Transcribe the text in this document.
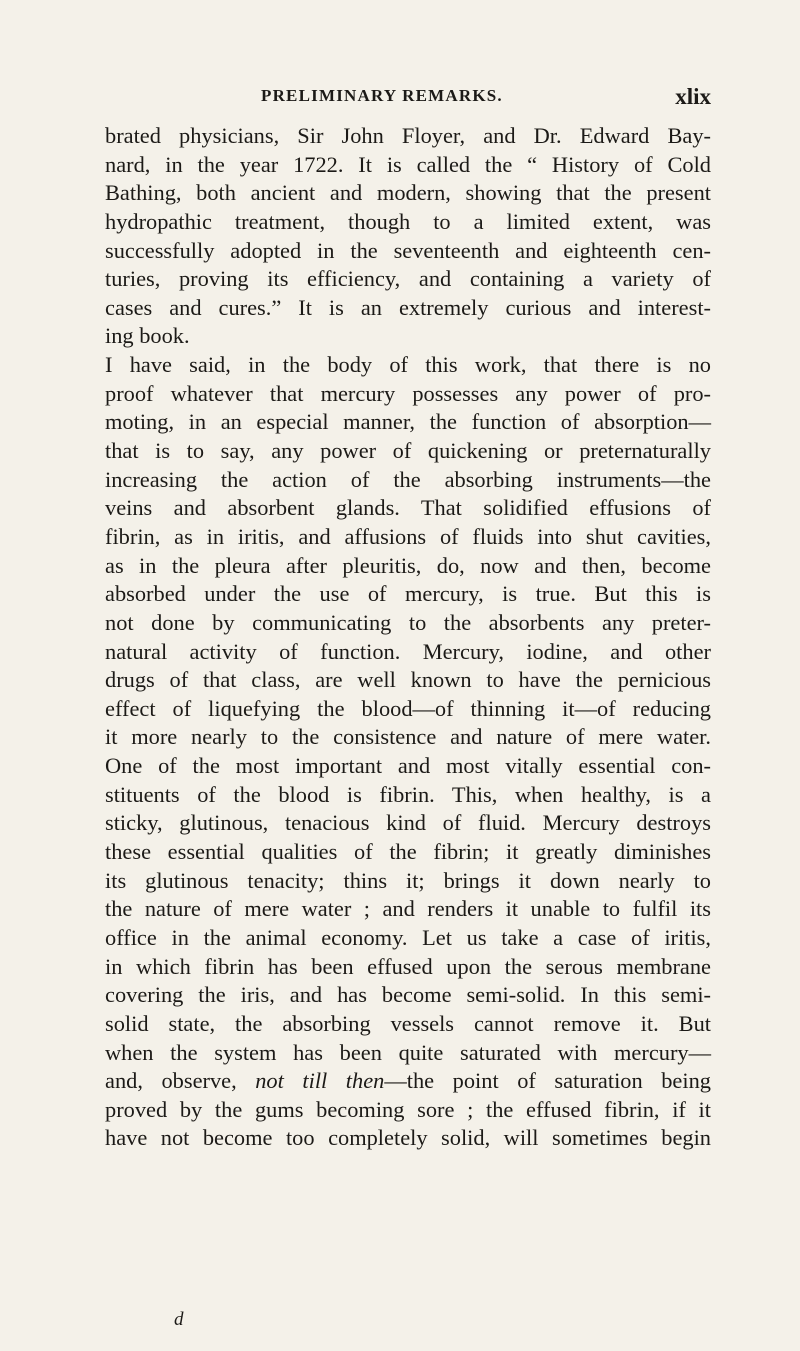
PRELIMINARY REMARKS.	xlix
brated physicians, Sir John Floyer, and Dr. Edward Bay-
nard, in the year 1722. It is called the “ History of Cold
Bathing, both ancient and modern, showing that the present
hydropathic treatment, though to a limited extent, was
successfully adopted in the seventeenth and eighteenth cen-
turies, proving its efficiency, and containing a variety of
cases and cures.” It is an extremely curious and interest-
ing book.
I have said, in the body of this work, that there is no
proof whatever that mercury possesses any power of pro-
moting, in an especial manner, the function of absorption—
that is to say, any power of quickening or preternaturally
increasing the action of the absorbing instruments—the
veins and absorbent glands. That solidified effusions of
fibrin, as in iritis, and affusions of fluids into shut cavities,
as in the pleura after pleuritis, do, now and then, become
absorbed under the use of mercury, is true. But this is
not done by communicating to the absorbents any preter-
natural activity of function. Mercury, iodine, and other
drugs of that class, are well known to have the pernicious
effect of liquefying the blood—of thinning it—of reducing
it more nearly to the consistence and nature of mere water.
One of the most important and most vitally essential con-
stituents of the blood is fibrin. This, when healthy, is a
sticky, glutinous, tenacious kind of fluid. Mercury destroys
these essential qualities of the fibrin; it greatly diminishes
its glutinous tenacity; thins it; brings it down nearly to
the nature of mere water ; and renders it unable to fulfil its
office in the animal economy. Let us take a case of iritis,
in which fibrin has been effused upon the serous membrane
covering the iris, and has become semi-solid. In this semi-
solid state, the absorbing vessels cannot remove it. But
when the system has been quite saturated with mercury—
and, observe, not till then—the point of saturation being
proved by the gums becoming sore ; the effused fibrin, if it
have not become too completely solid, will sometimes begin
d
